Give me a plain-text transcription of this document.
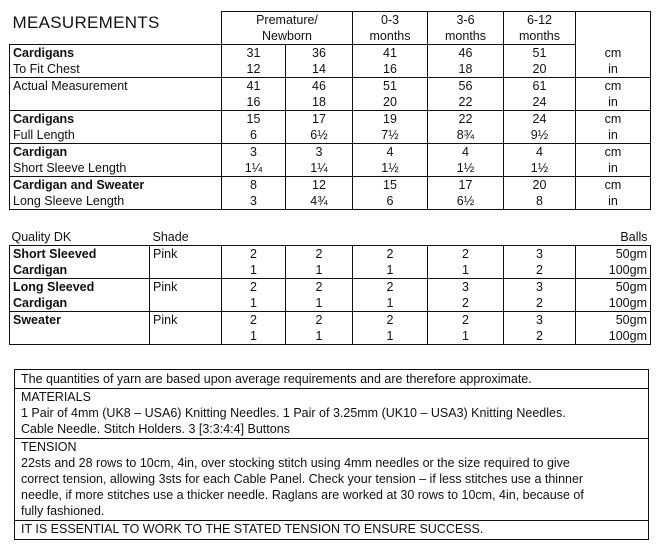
MEASUREMENTS	Premature/		0-3	3-6	6-12	
	Newborn		months	months	months	
Cardigans	31	36	41	46	51	cm
To Fit Chest	12	14	16	18	20	in
Actual Measurement	41	46	51	56	61	cm
	16	18	20	22	24	in
Cardigans	15	17	19	22	24	cm
Full Length	6	6½	7½	8¾	9½	in
Cardigan	3	3	4	4	4	cm
Short Sleeve Length	1¼	1¼	1½	1½	1½	in
Cardigan and Sweater	8	12	15	17	20	cm
Long Sleeve Length	3	4¾	6	6½	8	in
Quality DK	Shade						Balls
Short Sleeved	Pink	2	2	2	2	3	50gm
Cardigan		1	1	1	1	2	100gm
Long Sleeved	Pink	2	2	2	3	3	50gm
Cardigan		1	1	1	2	2	100gm
Sweater	Pink	2	2	2	2	3	50gm
		1	1	1	1	2	100gm
The quantities of yarn are based upon average requirements and are therefore approximate.
MATERIALS
1 Pair of 4mm (UK8 – USA6) Knitting Needles. 1 Pair of 3.25mm (UK10 – USA3) Knitting Needles.
Cable Needle. Stitch Holders. 3 [3:3:4:4] Buttons
TENSION
22sts and 28 rows to 10cm, 4in, over stocking stitch using 4mm needles or the size required to give
correct tension, allowing 3sts for each Cable Panel. Check your tension – if less stitches use a thinner
needle, if more stitches use a thicker needle. Raglans are worked at 30 rows to 10cm, 4in, because of
fully fashioned.
IT IS ESSENTIAL TO WORK TO THE STATED TENSION TO ENSURE SUCCESS.
